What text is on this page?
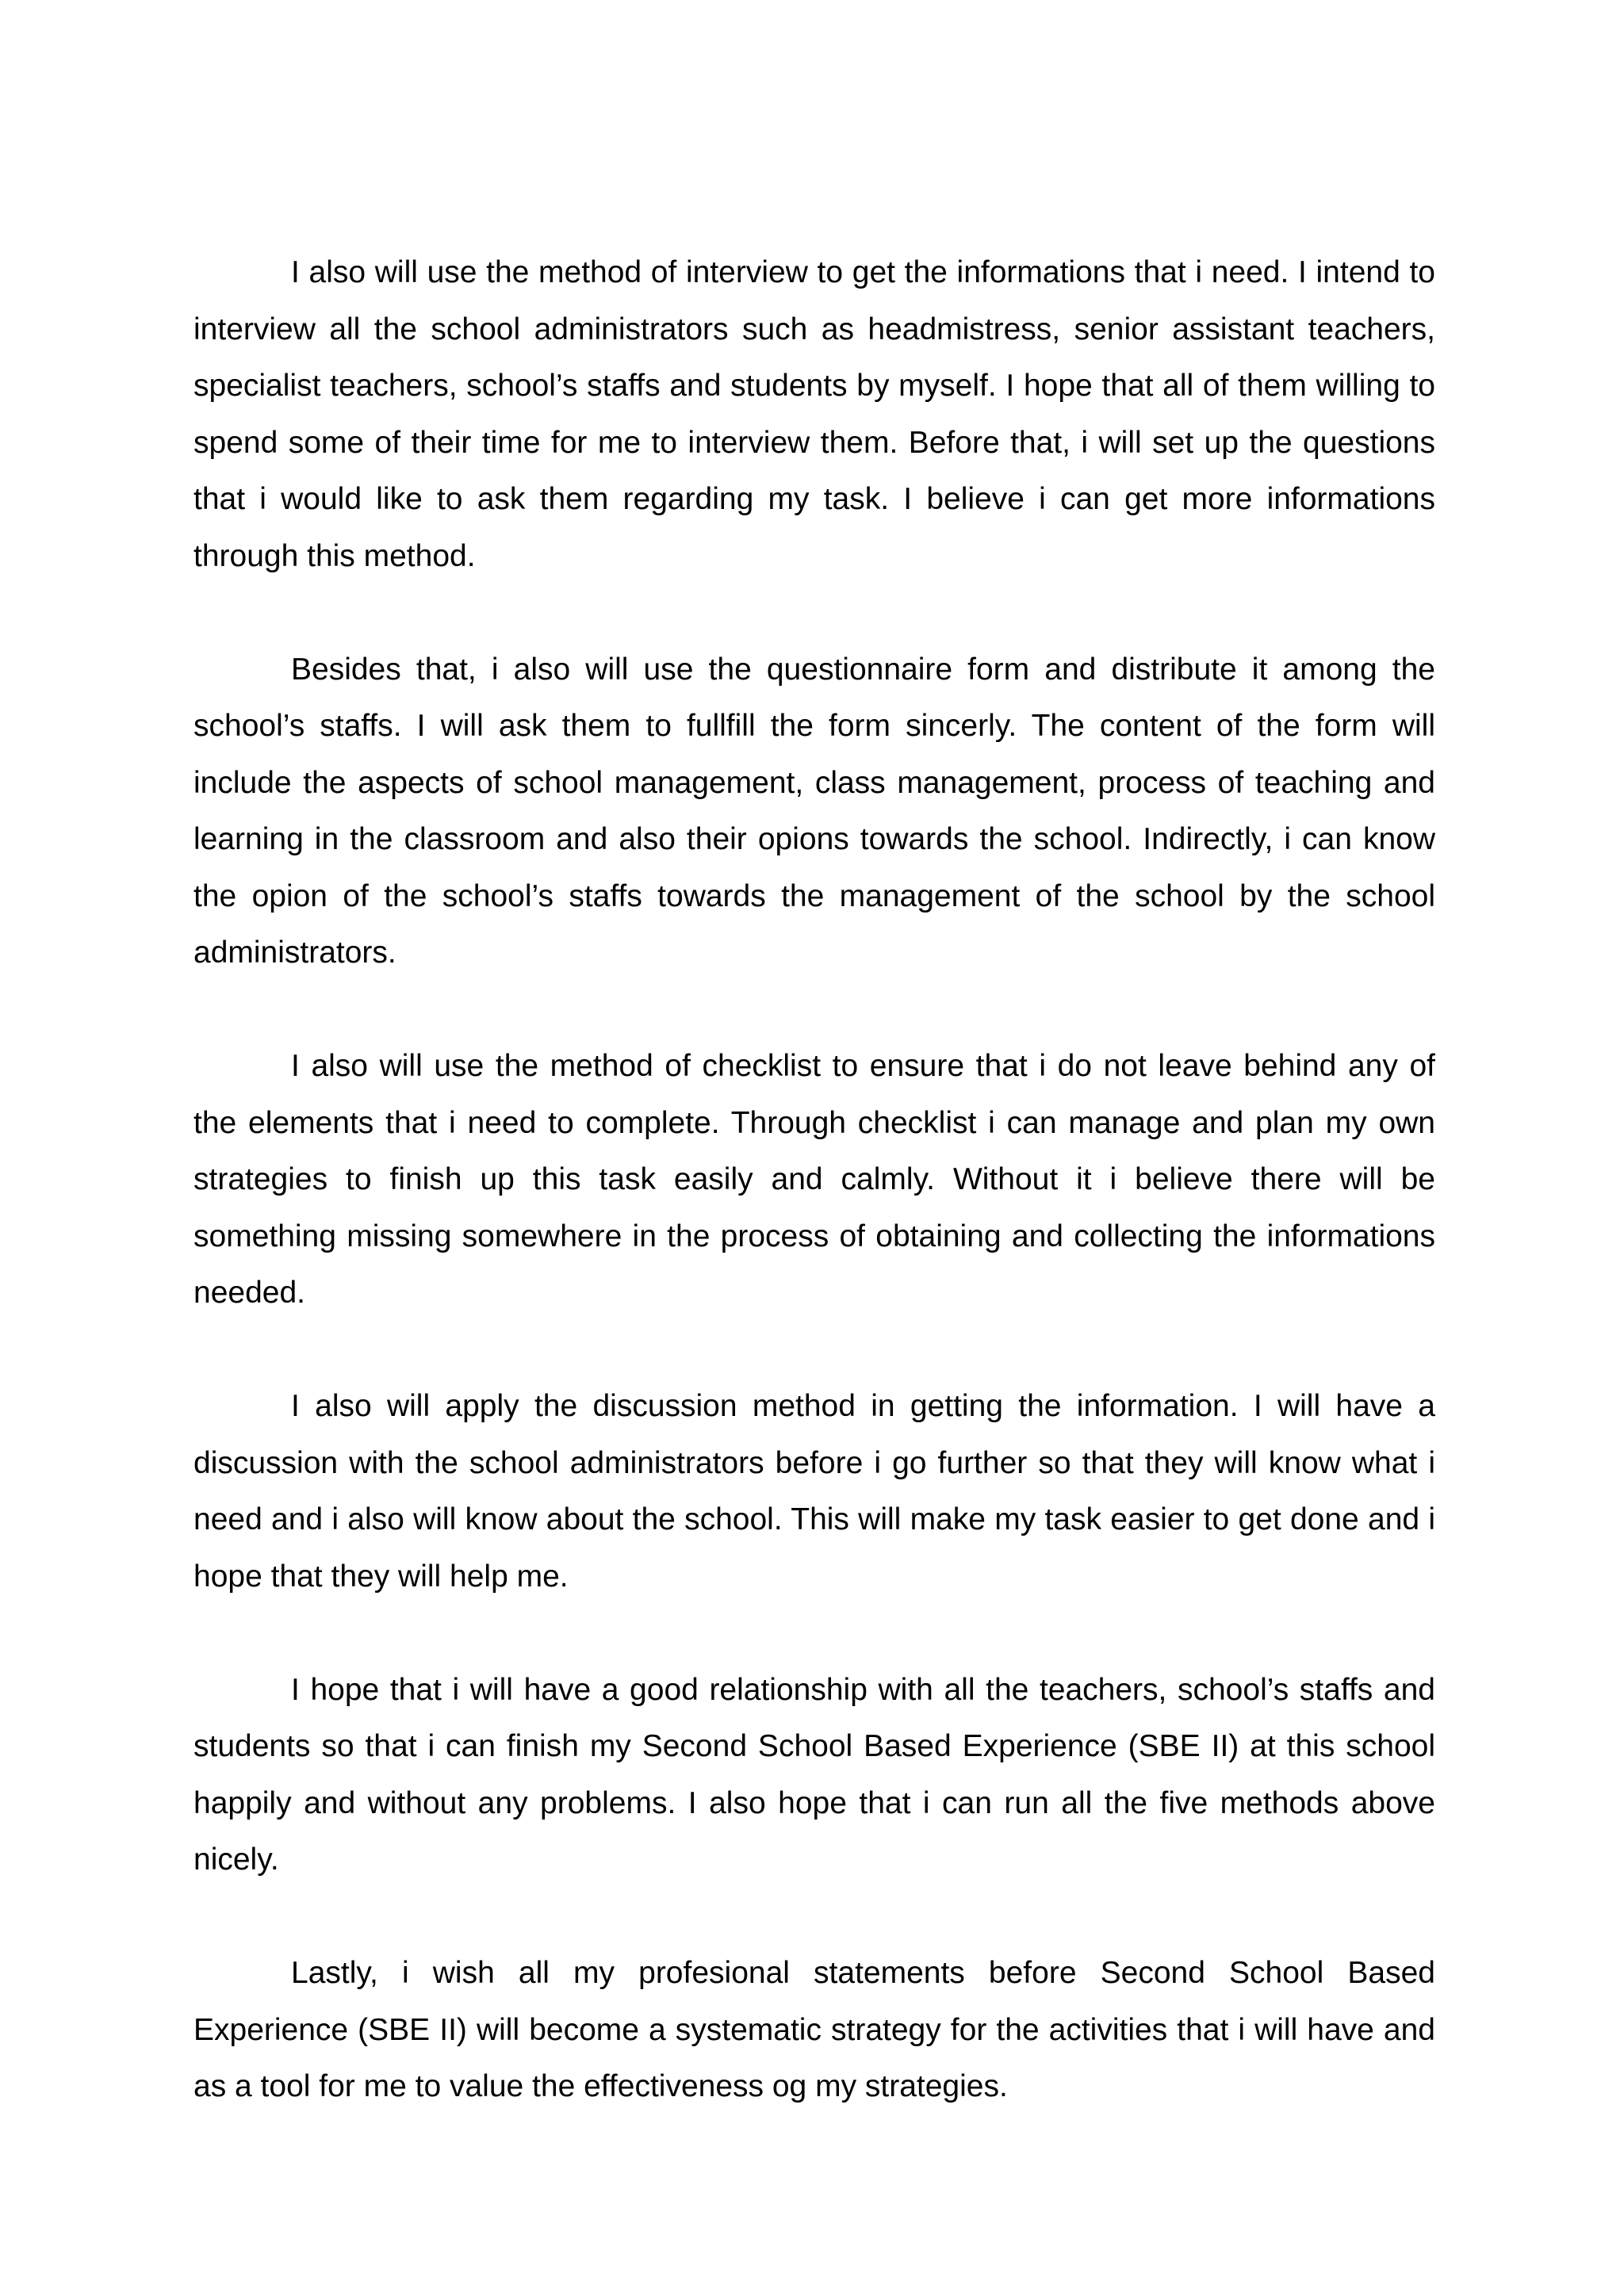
I also will use the method of interview to get the informations that i need. I intend to interview all the school administrators such as headmistress, senior assistant teachers, specialist teachers, school’s staffs and students by myself. I hope that all of them willing to spend some of their time for me to interview them. Before that, i will set up the questions that i would like to ask them regarding my task. I believe i can get more informations through this method.

Besides that, i also will use the questionnaire form and distribute it among the school’s staffs. I will ask them to fullfill the form sincerly. The content of the form will include the aspects of school management, class management, process of teaching and learning in the classroom and also their opions towards the school. Indirectly, i can know the opion of the school’s staffs towards the management of the school by the school administrators.

I also will use the method of checklist to ensure that i do not leave behind any of the elements that i need to complete. Through checklist i can manage and plan my own strategies to finish up this task easily and calmly. Without it i believe there will be something missing somewhere in the process of obtaining and collecting the informations needed.

I also will apply the discussion method in getting the information. I will have a discussion with the school administrators before i go further so that they will know what i need and i also will know about the school. This will make my task easier to get done and i hope that they will help me.

I hope that i will have a good relationship with all the teachers, school’s staffs and students so that i can finish my Second School Based Experience (SBE II) at this school happily and without any problems. I also hope that i can run all the five methods above nicely.

Lastly, i wish all my profesional statements before Second School Based Experience (SBE II) will become a systematic strategy for the activities that i will have and as a tool for me to value the effectiveness og my strategies.
